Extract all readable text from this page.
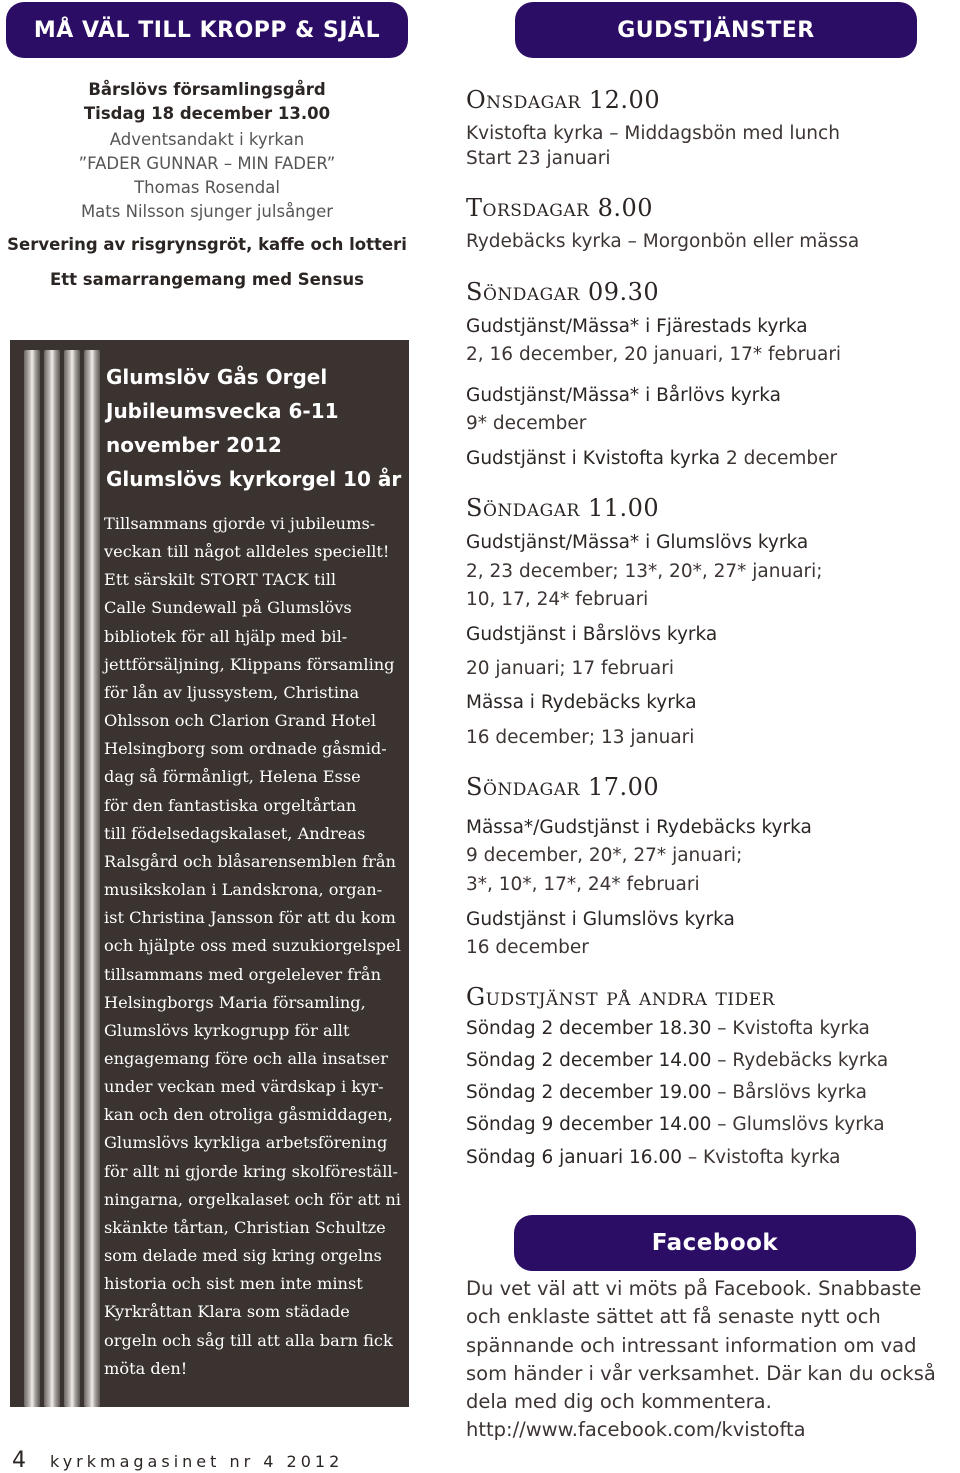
MÅ VÄL TILL KROPP & SJÄL	GUDSTJÄNSTER
Bårslövs församlingsgård
Tisdag 18 december 13.00
Adventsandakt i kyrkan
”FADER GUNNAR – MIN FADER”
Thomas Rosendal
Mats Nilsson sjunger julsånger
Servering av risgrynsgröt, kaffe och lotteri
Ett samarrangemang med Sensus
Glumslöv Gås Orgel
Jubileumsvecka 6-11
november 2012
Glumslövs kyrkorgel 10 år
Tillsammans gjorde vi jubileums-
veckan till något alldeles speciellt!
Ett särskilt STORT TACK till
Calle Sundewall på Glumslövs
bibliotek för all hjälp med bil-
jettförsäljning, Klippans församling
för lån av ljussystem, Christina
Ohlsson och Clarion Grand Hotel
Helsingborg som ordnade gåsmid-
dag så förmånligt, Helena Esse
för den fantastiska orgeltårtan
till födelsedagskalaset, Andreas
Ralsgård och blåsarensemblen från
musikskolan i Landskrona, organ-
ist Christina Jansson för att du kom
och hjälpte oss med suzukiorgelspel
tillsammans med orgelelever från
Helsingborgs Maria församling,
Glumslövs kyrkogrupp för allt
engagemang före och alla insatser
under veckan med värdskap i kyr-
kan och den otroliga gåsmiddagen,
Glumslövs kyrkliga arbetsförening
för allt ni gjorde kring skolföreställ-
ningarna, orgelkalaset och för att ni
skänkte tårtan, Christian Schultze
som delade med sig kring orgelns
historia och sist men inte minst
Kyrkråttan Klara som städade
orgeln och såg till att alla barn fick
möta den!
Onsdagar 12.00
Kvistofta kyrka – Middagsbön med lunch
Start 23 januari
Torsdagar 8.00
Rydebäcks kyrka – Morgonbön eller mässa
Söndagar 09.30
Gudstjänst/Mässa* i Fjärestads kyrka
2, 16 december, 20 januari, 17* februari
Gudstjänst/Mässa* i Bårlövs kyrka
9* december
Gudstjänst i Kvistofta kyrka 2 december
Söndagar 11.00
Gudstjänst/Mässa* i Glumslövs kyrka
2, 23 december; 13*, 20*, 27* januari;
10, 17, 24* februari
Gudstjänst i Bårslövs kyrka
20 januari; 17 februari
Mässa i Rydebäcks kyrka
16 december; 13 januari
Söndagar 17.00
Mässa*/Gudstjänst i Rydebäcks kyrka
9 december, 20*, 27* januari;
3*, 10*, 17*, 24* februari
Gudstjänst i Glumslövs kyrka
16 december
Gudstjänst på andra tider
Söndag 2 december 18.30 – Kvistofta kyrka
Söndag 2 december 14.00 – Rydebäcks kyrka
Söndag 2 december 19.00 – Bårslövs kyrka
Söndag 9 december 14.00 – Glumslövs kyrka
Söndag 6 januari 16.00 – Kvistofta kyrka
Facebook
Du vet väl att vi möts på Facebook. Snabbaste och enklaste sättet att få senaste nytt och spännande och intressant information om vad som händer i vår verksamhet. Där kan du också dela med dig och kommentera. http://www.facebook.com/kvistofta
4 kyrkmagasinet nr 4 2012
